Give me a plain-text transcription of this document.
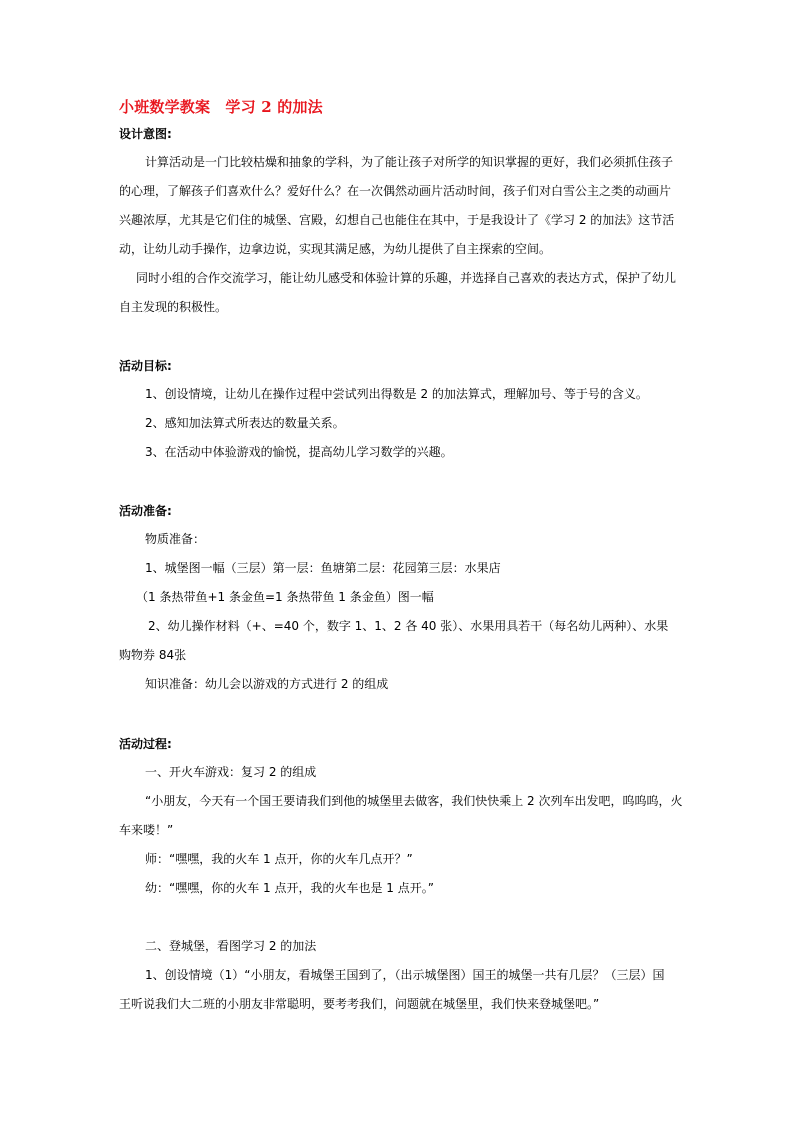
小班数学教案　学习 2 的加法
设计意图:
计算活动是一门比较枯燥和抽象的学科，为了能让孩子对所学的知识掌握的更好，我们必须抓住孩子
的心理，了解孩子们喜欢什么？爱好什么？在一次偶然动画片活动时间，孩子们对白雪公主之类的动画片
兴趣浓厚，尤其是它们住的城堡、宫殿，幻想自己也能住在其中，于是我设计了《学习 2 的加法》这节活
动，让幼儿动手操作，边拿边说，实现其满足感，为幼儿提供了自主探索的空间。
同时小组的合作交流学习，能让幼儿感受和体验计算的乐趣，并选择自己喜欢的表达方式，保护了幼儿
自主发现的积极性。
活动目标:
1、创设情境，让幼儿在操作过程中尝试列出得数是 2 的加法算式，理解加号、等于号的含义。
2、感知加法算式所表达的数量关系。
3、在活动中体验游戏的愉悦，提高幼儿学习数学的兴趣。
活动准备:
物质准备：
1、城堡图一幅（三层）第一层：鱼塘第二层：花园第三层：水果店
（1 条热带鱼+1 条金鱼=1 条热带鱼 1 条金鱼）图一幅
2、幼儿操作材料（+、=40 个，数字 1、1、2 各 40 张）、水果用具若干（每名幼儿两种）、水果
购物券 84张
知识准备：幼儿会以游戏的方式进行 2 的组成
活动过程:
一、开火车游戏：复习 2 的组成
“小朋友，今天有一个国王要请我们到他的城堡里去做客，我们快快乘上 2 次列车出发吧，呜呜呜，火
车来喽！”
师：“嘿嘿，我的火车 1 点开，你的火车几点开？”
幼：“嘿嘿，你的火车 1 点开，我的火车也是 1 点开。”
二、登城堡，看图学习 2 的加法
1、创设情境（1）“小朋友，看城堡王国到了，（出示城堡图）国王的城堡一共有几层？（三层）国
王听说我们大二班的小朋友非常聪明，要考考我们，问题就在城堡里，我们快来登城堡吧。”
